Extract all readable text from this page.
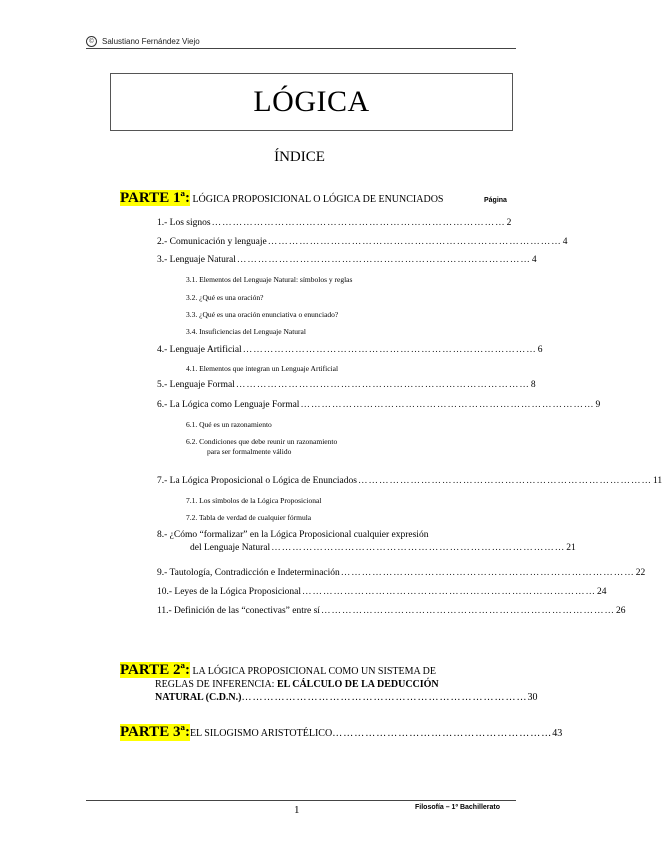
©	Salustiano Fernández Viejo
LÓGICA
ÍNDICE
PARTE 1ª: LÓGICA PROPOSICIONAL O LÓGICA DE ENUNCIADOS	Página
1.- Los signos ………………………………………………………………………… 2
2.- Comunicación y lenguaje ………………………………………………………………………… 4
3.- Lenguaje Natural ………………………………………………………………………… 4
3.1. Elementos del Lenguaje Natural: símbolos y reglas
3.2. ¿Qué es una oración?
3.3. ¿Qué es una oración enunciativa o enunciado?
3.4. Insuficiencias del Lenguaje Natural
4.- Lenguaje Artificial ………………………………………………………………………… 6
4.1. Elementos que integran un Lenguaje Artificial
5.- Lenguaje Formal ………………………………………………………………………… 8
6.- La Lógica como Lenguaje Formal ………………………………………………………………………… 9
6.1. Qué es un razonamiento
6.2. Condiciones que debe reunir un razonamiento
para ser formalmente válido
7.- La Lógica Proposicional o Lógica de Enunciados ………………………………………………………………………… 11
7.1. Los símbolos de la Lógica Proposicional
7.2. Tabla de verdad de cualquier fórmula
8.- ¿Cómo “formalizar” en la Lógica Proposicional cualquier expresión
del Lenguaje Natural ………………………………………………………………………… 21
9.- Tautología, Contradicción e Indeterminación ………………………………………………………………………… 22
10.- Leyes de la Lógica Proposicional ………………………………………………………………………… 24
11.- Definición de las “conectivas” entre sí ………………………………………………………………………… 26
PARTE 2ª: LA LÓGICA PROPOSICIONAL COMO UN SISTEMA DE
REGLAS DE INFERENCIA: EL CÁLCULO DE LA DEDUCCIÓN
NATURAL (C.D.N.) …………………………………………………………………… 30
PARTE 3ª: EL SILOGISMO ARISTOTÉLICO …………………………………………………… 43
1	Filosofía – 1º Bachillerato
